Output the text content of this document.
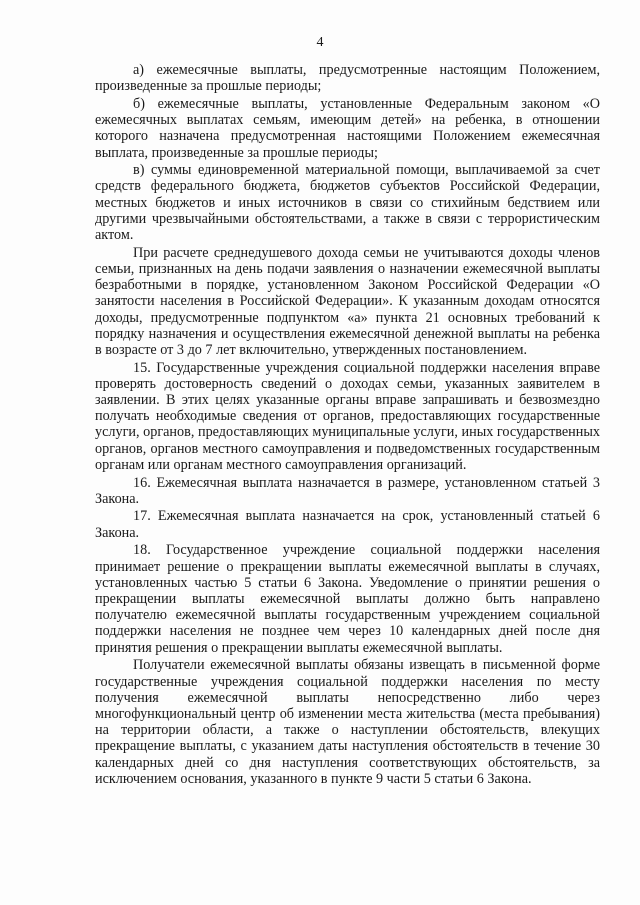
4

а) ежемесячные выплаты, предусмотренные настоящим Положением, произведенные за прошлые периоды;

б) ежемесячные выплаты, установленные Федеральным законом «О ежемесячных выплатах семьям, имеющим детей» на ребенка, в отношении которого назначена предусмотренная настоящими Положением ежемесячная выплата, произведенные за прошлые периоды;

в) суммы единовременной материальной помощи, выплачиваемой за счет средств федерального бюджета, бюджетов субъектов Российской Федерации, местных бюджетов и иных источников в связи со стихийным бедствием или другими чрезвычайными обстоятельствами, а также в связи с террористическим актом.

При расчете среднедушевого дохода семьи не учитываются доходы членов семьи, признанных на день подачи заявления о назначении ежемесячной выплаты безработными в порядке, установленном Законом Российской Федерации «О занятости населения в Российской Федерации». К указанным доходам относятся доходы, предусмотренные подпунктом «а» пункта 21 основных требований к порядку назначения и осуществления ежемесячной денежной выплаты на ребенка в возрасте от 3 до 7 лет включительно, утвержденных постановлением.

15. Государственные учреждения социальной поддержки населения вправе проверять достоверность сведений о доходах семьи, указанных заявителем в заявлении. В этих целях указанные органы вправе запрашивать и безвозмездно получать необходимые сведения от органов, предоставляющих государственные услуги, органов, предоставляющих муниципальные услуги, иных государственных органов, органов местного самоуправления и подведомственных государственным органам или органам местного самоуправления организаций.

16. Ежемесячная выплата назначается в размере, установленном статьей 3 Закона.

17. Ежемесячная выплата назначается на срок, установленный статьей 6 Закона.

18. Государственное учреждение социальной поддержки населения принимает решение о прекращении выплаты ежемесячной выплаты в случаях, установленных частью 5 статьи 6 Закона. Уведомление о принятии решения о прекращении выплаты ежемесячной выплаты должно быть направлено получателю ежемесячной выплаты государственным учреждением социальной поддержки населения не позднее чем через 10 календарных дней после дня принятия решения о прекращении выплаты ежемесячной выплаты.

Получатели ежемесячной выплаты обязаны извещать в письменной форме государственные учреждения социальной поддержки населения по месту получения ежемесячной выплаты непосредственно либо через многофункциональный центр об изменении места жительства (места пребывания) на территории области, а также о наступлении обстоятельств, влекущих прекращение выплаты, с указанием даты наступления обстоятельств в течение 30 календарных дней со дня наступления соответствующих обстоятельств, за исключением основания, указанного в пункте 9 части 5 статьи 6 Закона.
